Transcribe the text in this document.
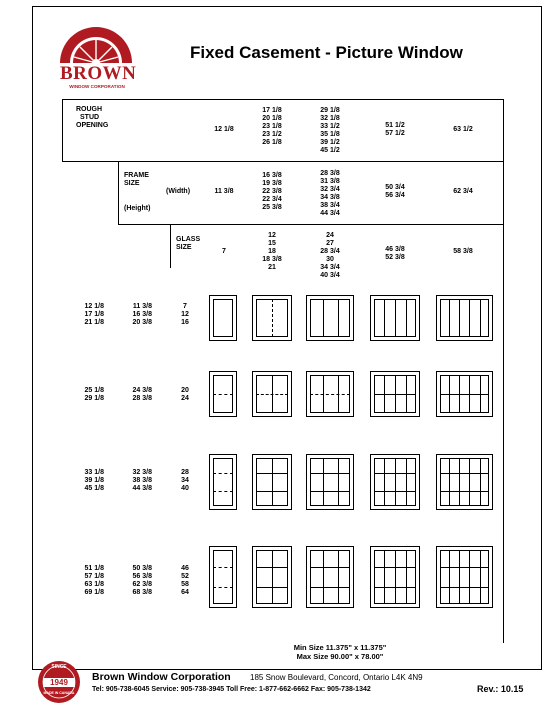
BROWN
WINDOW CORPORATION
Fixed Casement - Picture Window
ROUGH
STUD
OPENING
12 1/8
17 1/8
20 1/8
23 1/8
23 1/2
26 1/8
29 1/8
32 1/8
33 1/2
35 1/8
39 1/2
45 1/2
51 1/2
57 1/2
63 1/2
FRAME
SIZE
(Width)
(Height)
11 3/8
16 3/8
19 3/8
22 3/8
22 3/4
25 3/8
28 3/8
31 3/8
32 3/4
34 3/8
38 3/4
44 3/4
50 3/4
56 3/4
62 3/4
GLASS
SIZE
7
12
15
18
18 3/8
21
24
27
28 3/4
30
34 3/4
40 3/4
46 3/8
52 3/8
58 3/8
12 1/8
17 1/8
21 1/8
11 3/8
16 3/8
20 3/8
7
12
16
25 1/8
29 1/8
24 3/8
28 3/8
20
24
33 1/8
39 1/8
45 1/8
32 3/8
38 3/8
44 3/8
28
34
40
51 1/8
57 1/8
63 1/8
69 1/8
50 3/8
56 3/8
62 3/8
68 3/8
46
52
58
64
Min Size 11.375" x 11.375"
Max Size 90.00" x 78.00"
SINCE
1949
MADE IN CANADA
Brown Window Corporation 185 Snow Boulevard, Concord, Ontario L4K 4N9
Tel: 905-738-6045 Service: 905-738-3945 Toll Free: 1-877-662-6662 Fax: 905-738-1342	Rev.: 10.15
